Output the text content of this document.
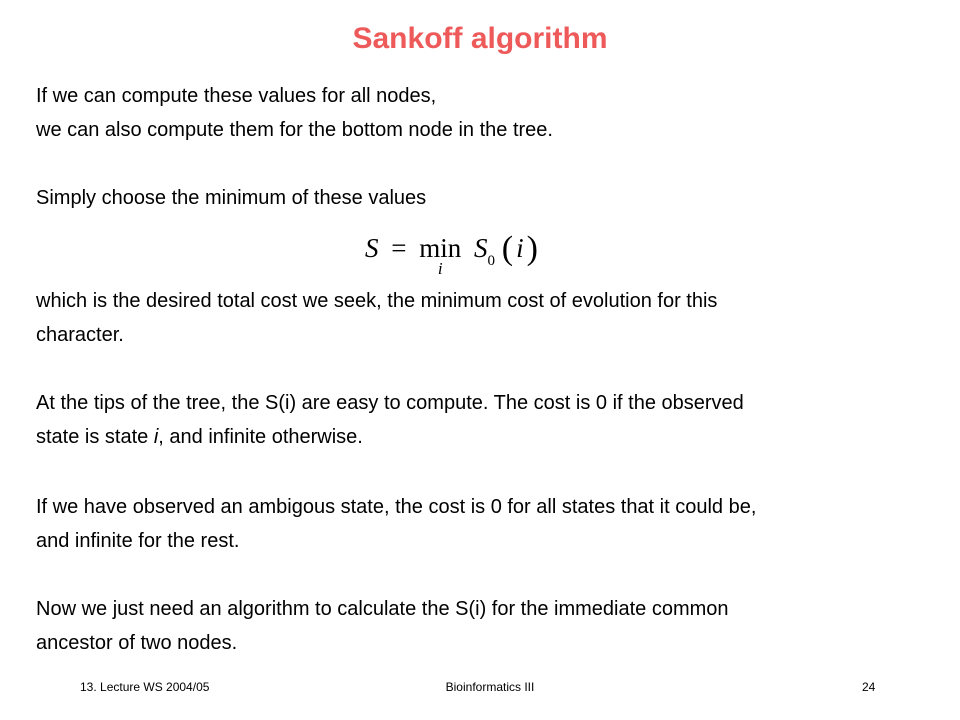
Sankoff algorithm

If we can compute these values for all nodes,
we can also compute them for the bottom node in the tree.

Simply choose the minimum of these values

S = min
i
S0 ( i)

which is the desired total cost we seek, the minimum cost of evolution for this
character.

At the tips of the tree, the S(i) are easy to compute. The cost is 0 if the observed
state is state i, and infinite otherwise.

If we have observed an ambigous state, the cost is 0 for all states that it could be,
and infinite for the rest.

Now we just need an algorithm to calculate the S(i) for the immediate common
ancestor of two nodes.

13. Lecture WS 2004/05	Bioinformatics III	24
